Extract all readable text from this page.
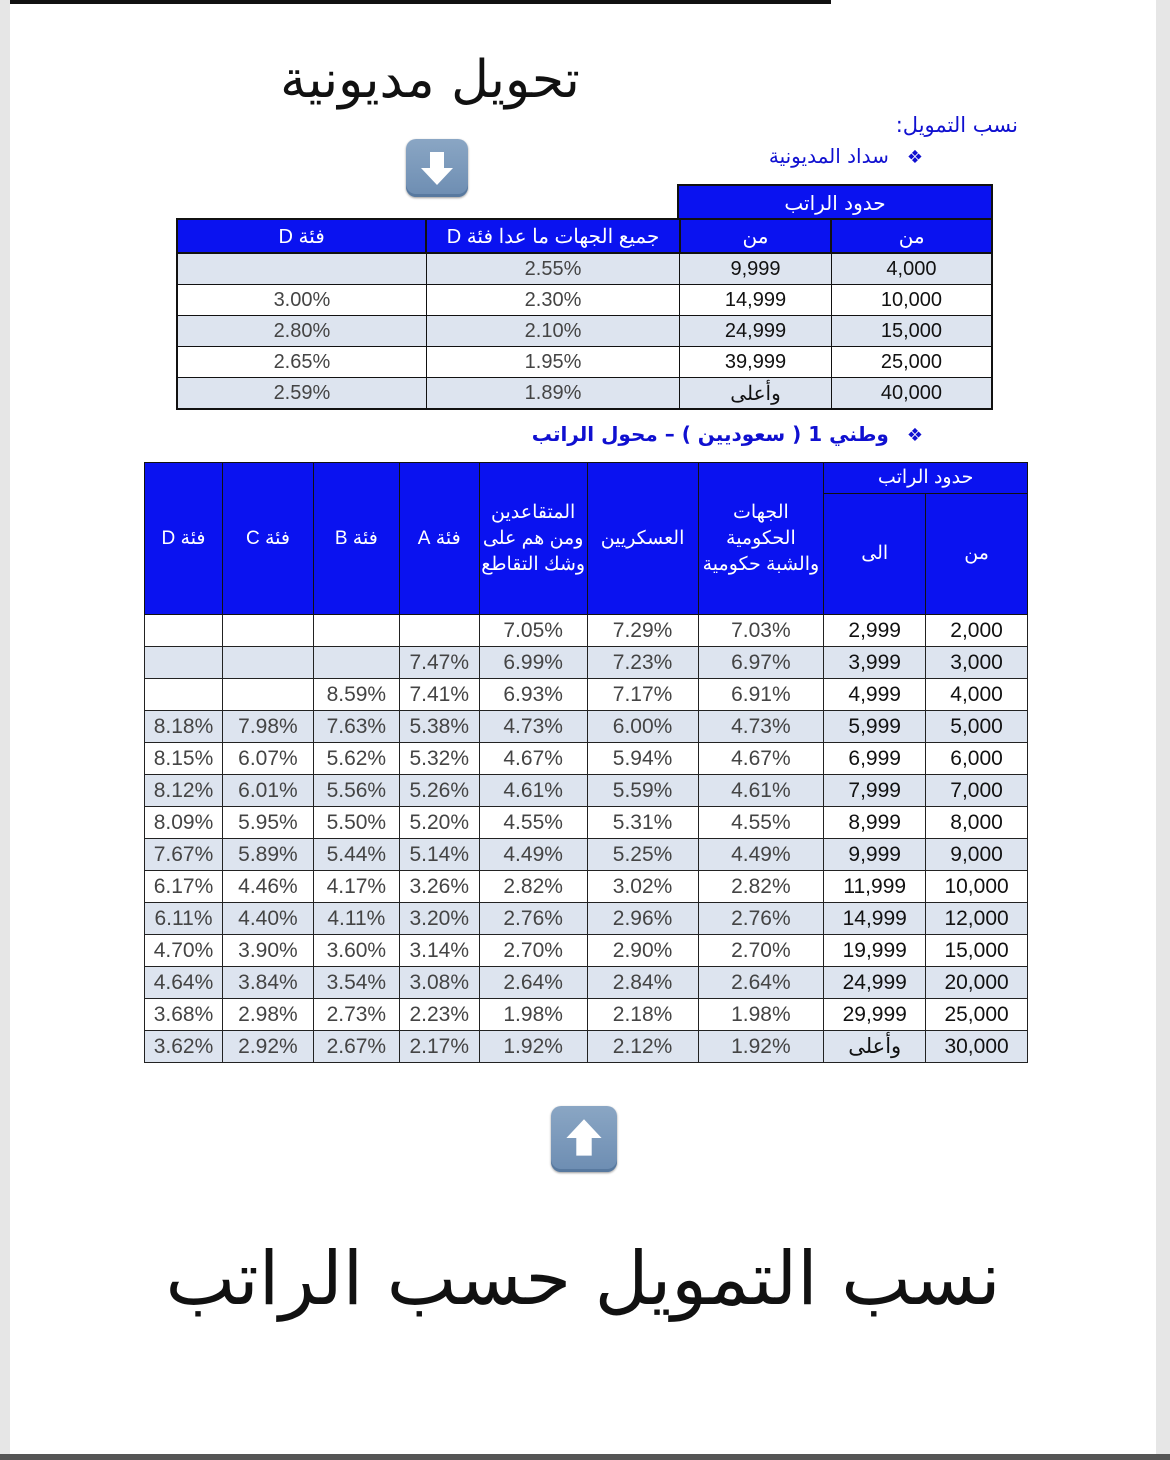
تحويل مديونية
نسب التمويل:
❖سداد المديونية
حدود الراتب
من	من	جميع الجهات ما عدا فئة D	فئة D
4,000	9,999	2.55%	
10,000	14,999	2.30%	3.00%
15,000	24,999	2.10%	2.80%
25,000	39,999	1.95%	2.65%
40,000	وأعلى	1.89%	2.59%
❖وطني 1 ( سعوديين ) – محول الراتب
حدود الراتب		الجهات الحكومية والشبة حكومية	العسكريين	المتقاعدين ومن هم على وشك التقاطع	فئة A	فئة B	فئة C	فئة D
من	الى							
2,000	2,999	7.03%	7.29%	7.05%				
3,000	3,999	6.97%	7.23%	6.99%	7.47%			
4,000	4,999	6.91%	7.17%	6.93%	7.41%	8.59%		
5,000	5,999	4.73%	6.00%	4.73%	5.38%	7.63%	7.98%	8.18%
6,000	6,999	4.67%	5.94%	4.67%	5.32%	5.62%	6.07%	8.15%
7,000	7,999	4.61%	5.59%	4.61%	5.26%	5.56%	6.01%	8.12%
8,000	8,999	4.55%	5.31%	4.55%	5.20%	5.50%	5.95%	8.09%
9,000	9,999	4.49%	5.25%	4.49%	5.14%	5.44%	5.89%	7.67%
10,000	11,999	2.82%	3.02%	2.82%	3.26%	4.17%	4.46%	6.17%
12,000	14,999	2.76%	2.96%	2.76%	3.20%	4.11%	4.40%	6.11%
15,000	19,999	2.70%	2.90%	2.70%	3.14%	3.60%	3.90%	4.70%
20,000	24,999	2.64%	2.84%	2.64%	3.08%	3.54%	3.84%	4.64%
25,000	29,999	1.98%	2.18%	1.98%	2.23%	2.73%	2.98%	3.68%
30,000	وأعلى	1.92%	2.12%	1.92%	2.17%	2.67%	2.92%	3.62%
نسب التمويل حسب الراتب
